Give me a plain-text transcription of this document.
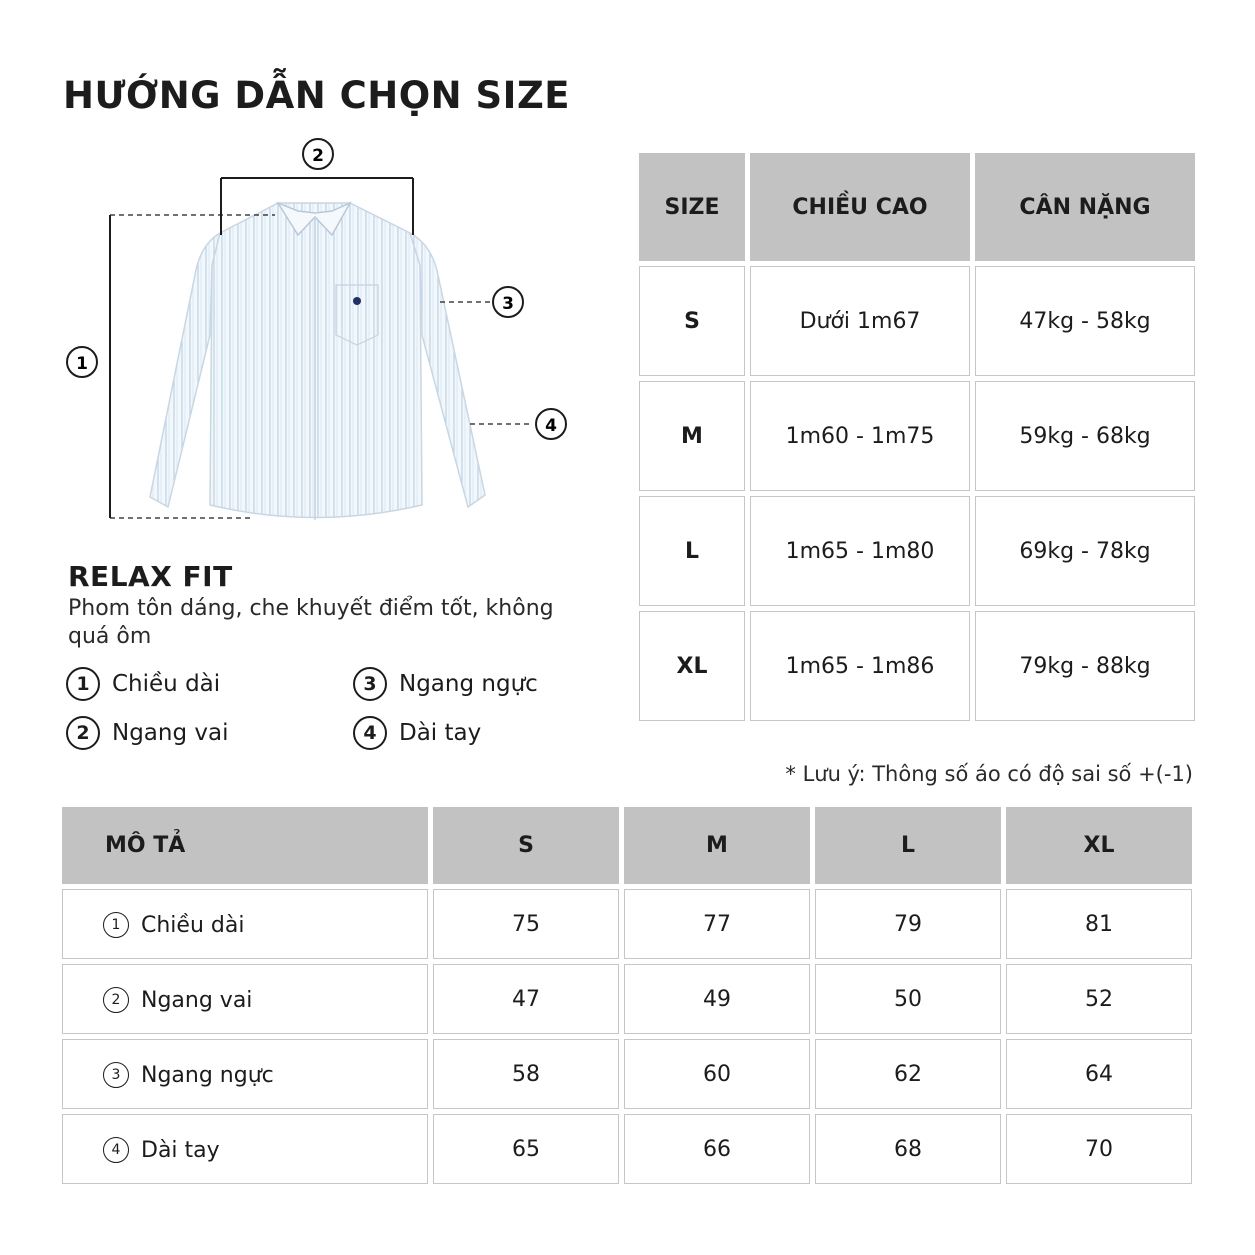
HƯỚNG DẪN CHỌN SIZE
1
2
3
4
RELAX FIT
Phom tôn dáng, che khuyết điểm tốt, không quá ôm
1 Chiều dài
2 Ngang vai
3 Ngang ngực
4 Dài tay
SIZE	CHIỀU CAO	CÂN NẶNG
S	Dưới 1m67	47kg - 58kg
M	1m60 - 1m75	59kg - 68kg
L	1m65 - 1m80	69kg - 78kg
XL	1m65 - 1m86	79kg - 88kg
* Lưu ý: Thông số áo có độ sai số +(-1)
MÔ TẢ	S	M	L	XL

1 Chiều dài	75	77	79	81

2 Ngang vai	47	49	50	52

3 Ngang ngực	58	60	62	64

4 Dài tay	65	66	68	70
